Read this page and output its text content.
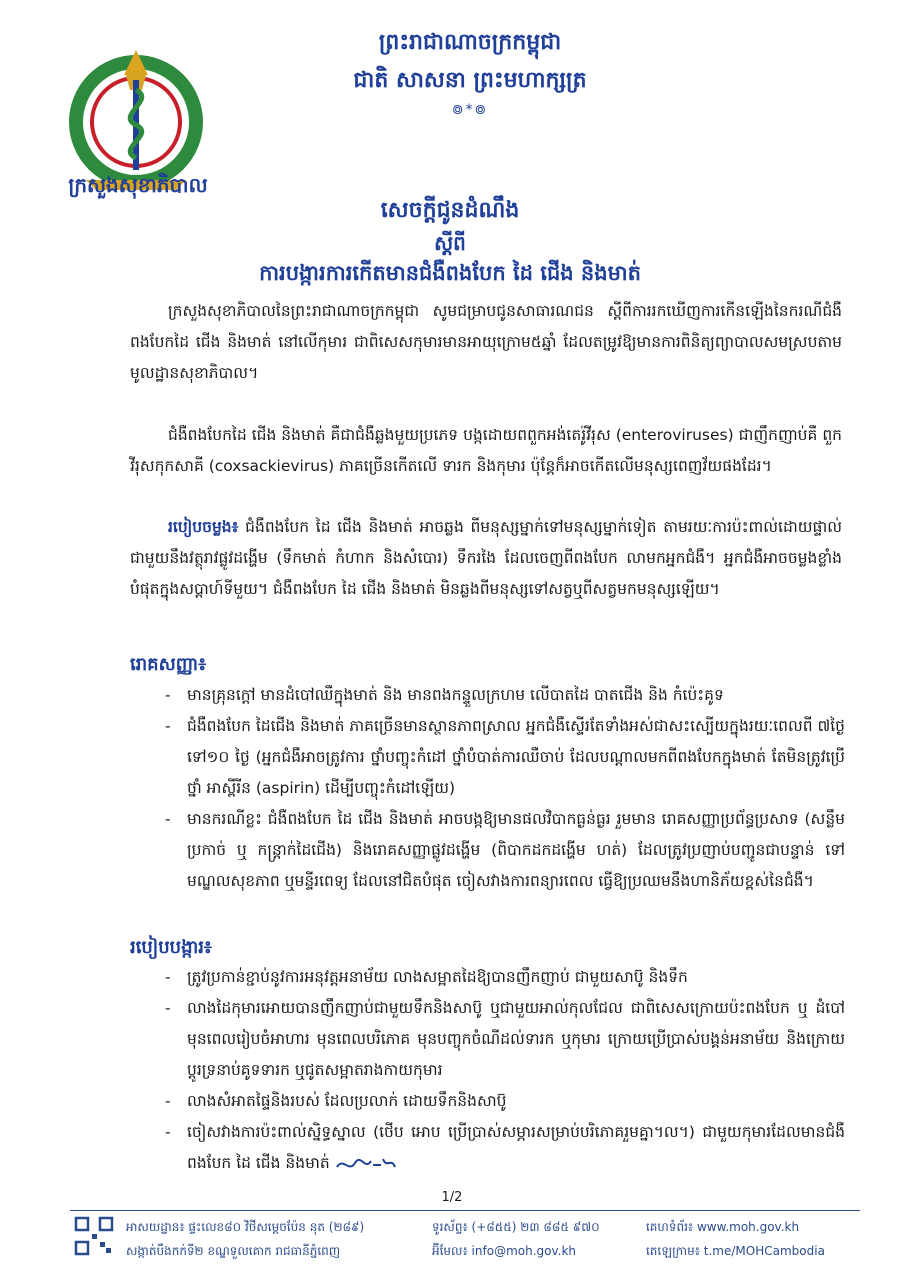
ក្រសួងសុខាភិបាល
ព្រះរាជាណាចក្រកម្ពុជា
ជាតិ សាសនា ព្រះមហាក្សត្រ
៙*៙
សេចក្ដីជូនដំណឹង
ស្ដីពី
ការបង្ការការកើតមានជំងឺពងបែក ដៃ ជើង និងមាត់
ក្រសួងសុខាភិបាលនៃព្រះរាជាណាចក្រកម្ពុជា សូមជម្រាបជូនសាធារណជន ស្ដីពីការរកឃើញការកើនឡើងនៃករណីជំងឺពងបែកដៃ ជើង និងមាត់ នៅលើកុមារ ជាពិសេសកុមារមានអាយុក្រោម៥ឆ្នាំ ដែលតម្រូវឱ្យមានការពិនិត្យព្យាបាលសមស្របតាមមូលដ្ឋានសុខាភិបាល។
ជំងឺពងបែកដៃ ជើង និងមាត់ គឺជាជំងឺឆ្លងមួយប្រភេទ បង្កដោយពពួកអង់តេរ៉ូវីរុស (enteroviruses) ជាញឹកញាប់គឺ ពួកវីរុសកុកសាគី (coxsackievirus) ភាគច្រើនកើតលើ ទារក និងកុមារ ប៉ុន្តែក៏អាចកើតលើមនុស្សពេញវ័យផងដែរ។
របៀបចម្លង៖ ជំងឺពងបែក ដៃ ជើង និងមាត់ អាចឆ្លង ពីមនុស្សម្នាក់ទៅមនុស្សម្នាក់ទៀត តាមរយៈការប៉ះពាល់ដោយផ្ទាល់ជាមួយនឹងវត្ថុរាវផ្លូវដង្ហើម (ទឹកមាត់ កំហាក និងសំបោរ) ទឹករងៃ ដែលចេញពីពងបែក លាមកអ្នកជំងឺ។ អ្នកជំងឺអាចចម្លងខ្លាំងបំផុតក្នុងសប្ដាហ៍ទីមួយ។ ជំងឺពងបែក ដៃ ជើង និងមាត់ មិនឆ្លងពីមនុស្សទៅសត្វឬពីសត្វមកមនុស្សឡើយ។
រោគសញ្ញា៖
- មានគ្រុនក្ដៅ មានដំបៅឈឺក្នុងមាត់ និង មានពងកន្ទួលក្រហម លើបាតដៃ បាតជើង និង កំប៉េះគូទ
- ជំងឺពងបែក ដៃជើង និងមាត់ ភាគច្រើនមានស្ថានភាពស្រាល អ្នកជំងឺស្ទើរតែទាំងអស់ជាសះស្បើយក្នុងរយៈពេលពី ៧ថ្ងៃ ទៅ១០ ថ្ងៃ (អ្នកជំងឺអាចត្រូវការ ថ្នាំបញ្ចុះកំដៅ ថ្នាំបំបាត់ការឈឺចាប់ ដែលបណ្ដាលមកពីពងបែកក្នុងមាត់ តែមិនត្រូវប្រើថ្នាំ អាស្ពីរីន (aspirin) ដើម្បីបញ្ចុះកំដៅឡើយ)
- មានករណីខ្លះ ជំងឺពងបែក ដៃ ជើង និងមាត់ អាចបង្កឱ្យមានផលវិបាកធ្ងន់ធ្ងរ រួមមាន រោគសញ្ញាប្រព័ន្ធប្រសាទ (សន្លឹម ប្រកាច់ ឬ កន្ត្រាក់ដៃជើង) និងរោគសញ្ញាផ្លូវដង្ហើម (ពិបាកដកដង្ហើម ហត់) ដែលត្រូវប្រញាប់បញ្ជូនជាបន្ទាន់ ទៅមណ្ឌលសុខភាព ឬមន្ទីរពេទ្យ ដែលនៅជិតបំផុត ចៀសវាងការពន្យារពេល ធ្វើឱ្យប្រឈមនឹងហានិភ័យខ្ពស់នៃជំងឺ។
របៀបបង្ការ៖
- ត្រូវប្រកាន់ខ្ជាប់នូវការអនុវត្តអនាម័យ លាងសម្អាតដៃឱ្យបានញឹកញាប់ ជាមួយសាប៊ូ និងទឹក
- លាងដៃកុមារអោយបានញឹកញាប់ជាមួយទឹកនិងសាប៊ូ ឬជាមួយអាល់កុលជែល ជាពិសេសក្រោយប៉ះពងបែក ឬ ដំបៅ មុនពេលរៀបចំអាហារ មុនពេលបរិភោគ មុនបញ្ចុកចំណីដល់ទារក ឬកុមារ ក្រោយប្រើប្រាស់បង្គន់អនាម័យ និងក្រោយប្ដូរទ្រនាប់គូទទារក ឬជូតសម្អាតរាងកាយកុមារ
- លាងសំអាតផ្ទៃនិងរបស់ ដែលប្រលាក់ ដោយទឹកនិងសាប៊ូ
- ចៀសវាងការប៉ះពាល់ស្និទ្ធស្នាល (ថើប អោប ប្រើប្រាស់សម្ភារសម្រាប់បរិភោគរួមគ្នា។ល។) ជាមួយកុមារដែលមានជំងឺពងបែក ដៃ ជើង និងមាត់
1/2
អាសយដ្ឋាន៖ ផ្ទះលេខ៨០ វិថីសម្ដេចប៉ែន នុត (២៨៩)
សង្កាត់បឹងកក់ទី២ ខណ្ឌទួលគោក រាជធានីភ្នំពេញ
ទូរស័ព្ទ៖ (+៨៥៥) ២៣ ៨៨៥ ៩៧០
អ៊ីមែល៖ info@moh.gov.kh
គេហទំព័រ៖ www.moh.gov.kh
តេឡេក្រាម៖ t.me/MOHCambodia
